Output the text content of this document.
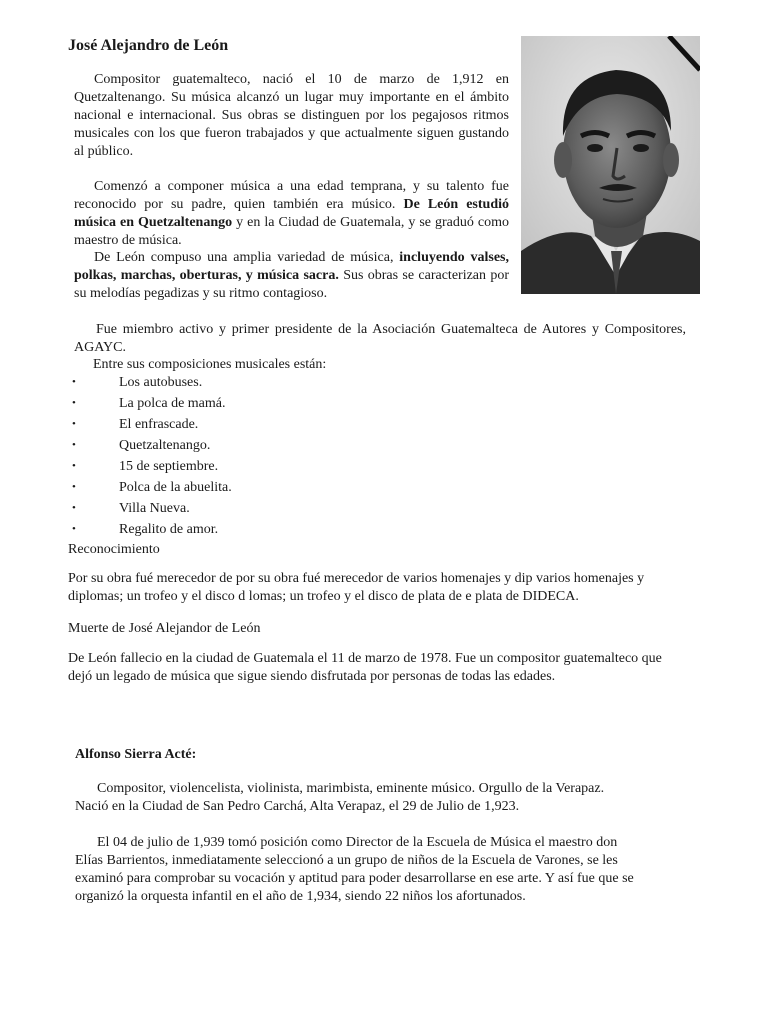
José Alejandro de León
Compositor guatemalteco, nació el 10 de marzo de 1,912 en Quetzaltenango. Su música alcanzó un lugar muy importante en el ámbito nacional e internacional. Sus obras se distinguen por los pegajosos ritmos musicales con los que fueron trabajados y que actualmente siguen gustando al público.
Comenzó a componer música a una edad temprana, y su talento fue reconocido por su padre, quien también era músico. De León estudió música en Quetzaltenango y en la Ciudad de Guatemala, y se graduó como maestro de música.
De León compuso una amplia variedad de música, incluyendo valses, polkas, marchas, oberturas, y música sacra. Sus obras se caracterizan por su melodías pegadizas y su ritmo contagioso.
Fue miembro activo y primer presidente de la Asociación Guatemalteca de Autores y Compositores, AGAYC.
Entre sus composiciones musicales están:
•	Los autobuses.
•	La polca de mamá.
•	El enfrascade.
•	Quetzaltenango.
•	15 de septiembre.
•	Polca de la abuelita.
•	Villa Nueva.
•	Regalito de amor.
Reconocimiento
Por su obra fué merecedor de por su obra fué merecedor de varios homenajes y dip varios homenajes y diplomas; un trofeo y el disco d lomas; un trofeo y el disco de plata de e plata de DIDECA.
Muerte de José Alejandor de León
De León fallecio en la ciudad de Guatemala el 11 de marzo de 1978. Fue un compositor guatemalteco que dejó un legado de música que sigue siendo disfrutada por personas de todas las edades.
Alfonso Sierra Acté:
Compositor, violencelista, violinista, marimbista, eminente músico. Orgullo de la Verapaz.
Nació en la Ciudad de San Pedro Carchá, Alta Verapaz, el 29 de Julio de 1,923.
El 04 de julio de 1,939 tomó posición como Director de la Escuela de Música el maestro don
Elías Barrientos, inmediatamente seleccionó a un grupo de niños de la Escuela de Varones, se les
examinó para comprobar su vocación y aptitud para poder desarrollarse en ese arte. Y así fue que se
organizó la orquesta infantil en el año de 1,934, siendo 22 niños los afortunados.
